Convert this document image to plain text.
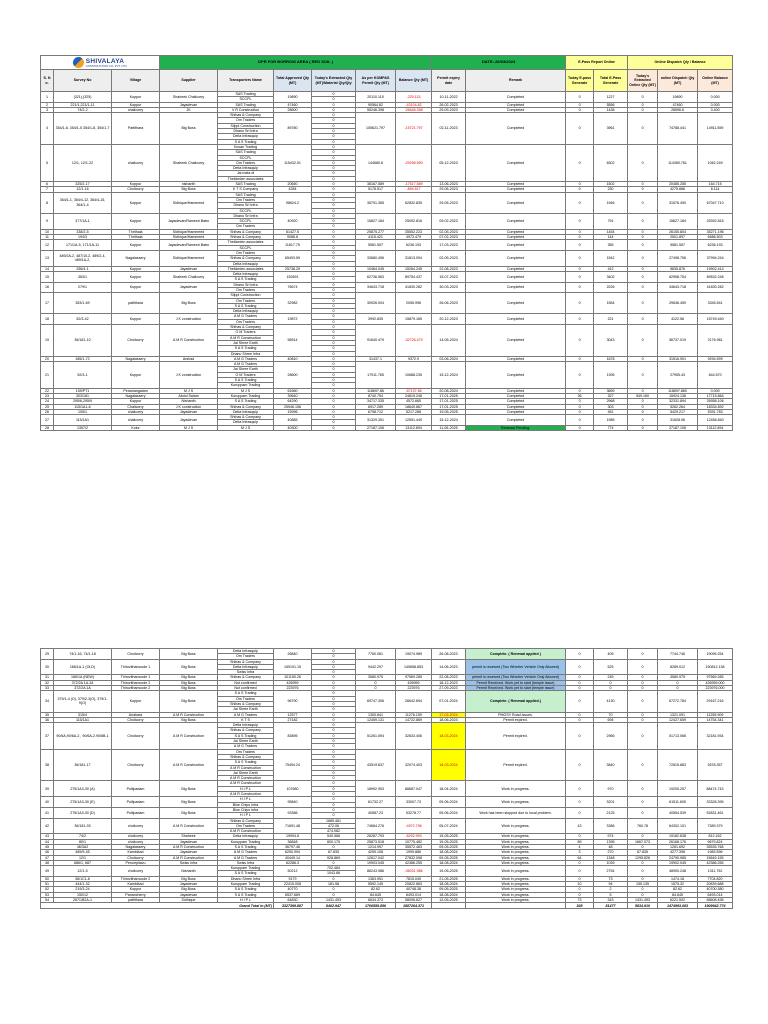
SHIVALAYA
CONSTRUCTION CO. PVT. LTD.			DPR FOR BORROW AREA ( RED SOIL )						DATE:-26/03/2024		E-Pass Report Online		Online Dispatch Qty / Balance		

S. N o.	Survey No	Village	Supplier	Transporters Name	Total Approved Qty (MT)	Today's Extracted Qty (MT)/Material Qty/Qty	As per KOMPAS Permit Qty (MT)	Balance Qty (MT)	Permit expiry date	Remark	Today E-pass Generate	Total E-Pass Generate	Today's Extracted Online Qty (MT)	online Dispatch Qty (MT)	Online Balance (MT)
1	(321),(325)	Koppur	Shaheek Chalicorry	SAS Trading	19890	0	20110.115	-220.115	10-11-2022	Completed	0	1227	0	19890	0.000
				SCCPL		0									
2	221/1,221/1-11	Koppur	Jayadevan	SAS Trading	47460	0	90564.82	-43104.82	26-02-2023	Completed	0	5556	0	47460	0.000
3	74/2-2	chalicorry	JK	V R Construction	28600	0	55246.398	-26646.398	29-09-2023	Completed	0	1436	0	28596.6	3.400
4	354/1-6, 354/1-5 354/1-8, 354/1-7	Pattithara	Big Boss	Shihas & Company	89780	0	105621.797	-15721.797	02-11-2023	Completed	0	3961	0	74788.441	14911.559
				Om Traders		0									
				Silppi Construction		0									
				Dhanu Sri Infra		0									
				Delta Infrasquip		0									
				S A S Trading		0									
5	12/1, 12/1-22	chalicorry	Shaheek Chalicorry	Kovan Trading	115432.01	0	144680.6	-29258.590	05-12-2023	Completed	0	6302	0	114369.761	1062.249
				SAS Trading		0									
				SCCPL		0									
				Om Traders		0									
				Delta Infrasquip		0									
				Jai mata di		0									
				Thekkeden associates		0									
6	325/2-17	Koppur	nishanth	SAS Trading	20650	0	38167.589	-17517.589	13-06-2023	Completed	0	1502	0	20485.285	164.715
7	12/1-16	Cholicorry	Big Boss	K T S Company	4284	0	5178.517	-894.517	29-06-2023	Completed	0	230	0	4275.886	8.114
8	364/1-1, 364/4-12, 364/4-15, 364/1-4	Koppur	Sidhique/Hammeed	SAS Trading	98624.2	0	35791.365	62832.835	29-05-2023	Completed	0	1946	0	31576.490	67047.710
				Om Traders		0									
				Dhanu Sri Infra		0									
				SCCPL		0									
9	377/1A-1	Koppur	Jayadevan/Ramesh Babu	Dhanu Sri Infra	40920	0	15827.184	25092.816	09-02-2023	Completed	0	791	0	15627.184	25392.816
				SCCPL		0									
				Om Traders		0									
10	338/2-5	Thrithala	Sidhique/Hammeed	Shihas & Company	61427.5	0	25875.277	35552.223	02-05-2023	Completed	0	1454	0	26155.804	35271.196
11	194/3	Thrithala	Sidhique/Hammeed	Shihas & Company	9088.8	0	4115.421	4973.479	07-02-2023	Completed	0	144	0	2501.897	6586.503
12	171/1A-5, 171/1A-11	Koppur	Jayadevan/Ramesh Babu	Thekkeden associates	11817.75	0	5581.557	6236.193	17-03-2023	Completed	0	355	0	5581.557	6236.193
				SCCPL		0									
13	489/2A-2, 487/10-2, 489/2-4, 489/1A-2,	Nagalassery	Sidhique/Hammeed	Om Traders	65493.59	0	33680.496	31813.094	02-05-2023	Completed	0	1542	0	27498.756	37994.244
				Shihas & Company		0									
				Delta Infrasquip		0									
14	256/4-1	Koppur	Jayadevan	Thekkeden associates	25738.29	0	10464.045	15264.245	22-08-2023	Completed	0	412	0	5835.876	19902.414
15	363/1	Koppur	Shaheek Chalicorry	Delta Infrasquip	152691	0	62736.563	89754.437	15-07-2023	Completed	0	3402	0	62958.754	89532.246
				S A S Trading		0									
16	279/1	Koppur	Jayadevan	Dhanu Sri Infra	76674	0	34643.718	41830.282	30-03-2023	Completed	0	2226	0	34643.718	41830.282
				Om Traders		0									
17	353/1-69	pattithara	Big Boss	Silppi Construction	32982	0	30926.004	2055.996	26-06-2023	Completed	0	1554	0	29636.459	3345.541
				Om Traders		0									
				S A S Trading		0									
				Delta Infrasquip		0									
18	52/3-42	Koppur	J K construction	A M G Traders	19872	0	3992.835	15879.165	20-12-2023	Completed	0	221	0	4122.56	15749.440
				Om Traders		0									
19	36/181-10	Cholicorry	A M R Construction	Shihas & Company	58914	0	91640.479	-32726.479	14-05-2024	Completed	0	3043	0	56737.019	2176.981
				O M Traders		0									
				A M R Construction		0									
				Jai Shree Earth		0									
				S A S Trading		0									
				Dhanu Shree Infra		0									
20	185/1-72	Nagalassery	Arshad	A M G Traders	40810	0	31437.1	9372.9	03-06-2024	Completed	0	1678	0	31516.901	9294.599
21	52/3-1	Koppur	J K construction	A M G Traders	28600	0	17911.765	10688.235	15-12-2024	Completed	0	1395	0	27955.43	644.570
				Jai Shree Earth		0									
				O M Traders		0									
				S A S Trading		0									
				Kuruppam Trading		0									
22	159/PT1	Peramangalam	M J S	M J S	61560	0	118697.86	-57137.86	20-08-2024	Completed	0	3659	0	118697.860	0.000
23	303/181	Nagalassery	Abdul Salam	Kuruppam Trading	39640	0	8740.754	24819.246	17-01-2025	Completed	26	327	549.160	15924.136	17715.864
24	295/6,295/9	Koppur	Nishanth	S A S Trading	64290	0	34717.335	4572.665	17-01-2025	Completed	0	2968	0	32331.894	26958.106
25	115/1A1-6	Chalicorry	J K construction	Shihas & Company	25946.156	0	6917.289	18640.867	17-01-2025	Completed	0	303	0	5262.264	18334.892
26	105/1	chalicorry	Jayadevan	Delta Infrasquip	15996	0	6798.712	5217.288	19-05-2025	Completed	0	451	0	5429.217	5391.783
27	115/1A1	chalicorry	Jayadevan	Shihas & Company	40885	0	31329.351	12551.449	15-12-2024	Completed	0	1985	0	31628.96	12456.840
				Delta Infrasquip		0									
28	1357/2	Kolur	M J S	M J S	40300	0	27187.106	13112.894	11-06-2025	Renewal Pending.	0	774	0	27187.106	13112.894
29	74/1-16, 74/1-18	Cholicorry	Big Boss	Delta Infrasquip	26840	0	7760.081	19074.989	26-08-2023	Complete. ( Renewal applied )	0	405	0	7744.746	19095.254
				Om Traders		0									
30	166/1A-1 (OLD)	Thiruvithamcode 1	Big Boss	Shihas & Company	159101.15	0	9442.297	149658.853	14-06-2023	permit is received (Two Wheeler Vehicle Only Allowed)	0	525	0	8289.012	150812.138
				Delta Infrasquip		0									
				Swiss Infra		0									
31	166/1A (NEW)	Thiruvithamcode 1	Big Boss	Shihas & Company	101150.26	0	3580.975	97569.285	22-08-2023	permit is received (Two Wheeler Vehicle Only Allowed)	0	245	0	3580.975	97569.285
32	372/2A 1A-34	Thiruvithamcode 2	Big Boss	Not confirmed	426959	0	0	426959	18-12-2023	Permit Received. Work yet to start (temple issue)	0	0	0	0	426959.000
33	372/2A 1A	Thiruvithamcode 2	Big Boss	Not confirmed	223976	0	0	223976	27-09-2023	Permit Received. Work yet to start (temple issue)	0	0	0	0	223976.000
34	379/1-4 (O), 379/2-3(O), 379/1-9(O)	Koppur	Big Boss	S A S Trading	96790	0	69747.306	26642.694	07-01-2024	Complete. ( Renewal applied.)	0	4130	0	67272.784	29167.216
				Om Traders		0									
				Shihas & Company		0									
				Jai Shree Earth		0									
35	315/4	Anakara	A M R Construction	A M G Traders	12577	0	1300.841	11276.159	17-02-2024	PMGSY Road issues.	0	70	0	1321.091	11255.909
36	115/1A1	Cholicorry	Big Boss	K T S	27182	0	12459.131	14722.869	18-06-2023	Permit expired.	0	694	0	12427.659	14754.341
37	90/6A,90/6A-2 , 90/6A-2.90/6B-1	Cholicorry	A M R Construction	Delta Infrasquip	83895	0	51261.594	32633.406	18-03-2024	Permit expired.	0	2965	0	51713.066	32181.934
				Shihas & Company		0									
				S A S Trading		0									
				Jai Shree Earth		0									
				A M G Traders		0									
38	36/181-17	Cholicorry	A M R Construction	Om Traders	75494.24	0	43519.837	32074.403	18-03-2024	Permit expired.	0	3840	0	72815.883	2678.357
				Shihas & Company		0									
				S A S Trading		0									
				A M R Construction		0									
				Jai Shree Earth		0									
				A M R Construction		0									
39	275/1A3-30 (A)	Pollipadam	Big Boss	A M R Construction	107680	0	18992.953	88687.047	18-04-2024	Work in progress.	0	970	0	19205.257	88474.743
				H I P L		0									
				A M R Construction		0									
40	275/1A3-30 (E)	Pollipadam	Big Boss	H I P L	95840	0	61732.27	33007.73	09-06-2024	Work in progress.	0	3201	0	61511.605	33328.395
				Blue Chips Infra		0									
41	275/1A3-30 (D)	Pollipadam	Big Boss	Blue Chips Infra	93386	0	40587.23	53278.77	09-06-2024	Work has been stopped due to local problem.	0	2125	0	40554.539	52831.461
				H I P L		0									
42	36/181-93	cholicorry	A M R Construction	Shihas & Company	71691.48	1689.461	74664.276	-4972.796	05-07-2024	Work in progress.	43	3386	760.78	64302.101	7389.379
				Om Traders		472.06									
				A M R Construction		474.082									
43	74/2	cholicorry	Shaheek	Delta Infrasquip	19994.8	549.568	26287.793	-6292.993	19-05-2025	Work in progress.	0	974	0	19182.638	812.162
44	80/1	cholicorry	Jayadevan	Kuruppam Trading	36848	800.175	25873.518	10775.482	19-05-2025	Work in progress.	89	1395	1667.073	26168.176	9679.824
45	46/3A2	Nagalassery	A M R Construction	S A S Trading	36797.46	0	1214.997	35572.483	09-05-2025	Work in progress.	4	48	0	1261.692	35535.768
46	489/9-45	Kambikad	Jayadevan	A M G Traders	6250.994	67.835	4259.108	1999.886	18-08-2024	Work in progress.	3	270	67.835	4277.398	1983.596
47	12/1	Cholicorry	A M R Construction	A M G Traders	40449.14	928.869	12617.042	27832.098	09-05-2025	Work in progress.	64	1348	1295.826	24790.985	15649.155
48	686/1, 687	Perumpilavu	Swiss Infra	Swiss Infra	62286.3	0	19903.045	42386.255	18-08-2024	Work in progress.	0	1039	0	19902.045	42386.255
49	12/1-5	cholicorry	Nishanth	Kuruppam Trading	50212	702.484	86243.986	-36031.986	19-05-2025	Work in progress.	0	2754	0	48900.248	1311.752
				S A S Trading		1043.66									
50	36/1C1-6	Thiruvithamcode 2	Big Boss	Dhanu Shree Infra	9179	0	1363.951	7815.049	21-05-2025	Work in progress.	0	73	0	1474.18	7704.820
51	444/1-32	Kambikad	Jayadevan	Kuruppam Trading	22415.008	181.98	5592.145	20822.863	18-08-2024	Work in progress.	10	94	155.135	1575.32	20839.688
52	219/3-24	Koppur	Big Boss	S A S Trading	40770	0	82.62	40748.38	09-05-2025	Work in progress.	0	2	0	82.62	40700.380
53	150/12	Panancherry	Jayadevan	S A S Trading	6537.669	0	84.645	6493.014	18-08-2024	Work in progress.	0	5	0	84.645	6493.014
54	267/1B2A-1	pattithara	Sidhique	H I P L	64830	1431.493	6634.373	58095.627	12-05-2025	Work in progress.	73	343	1431.493	6221.502	58608.498
Grand Total in (MT)					3327399.887	8402.947	1706559.856	1887264.371			308	81477	5834.910	1474993.083	1909942.774
